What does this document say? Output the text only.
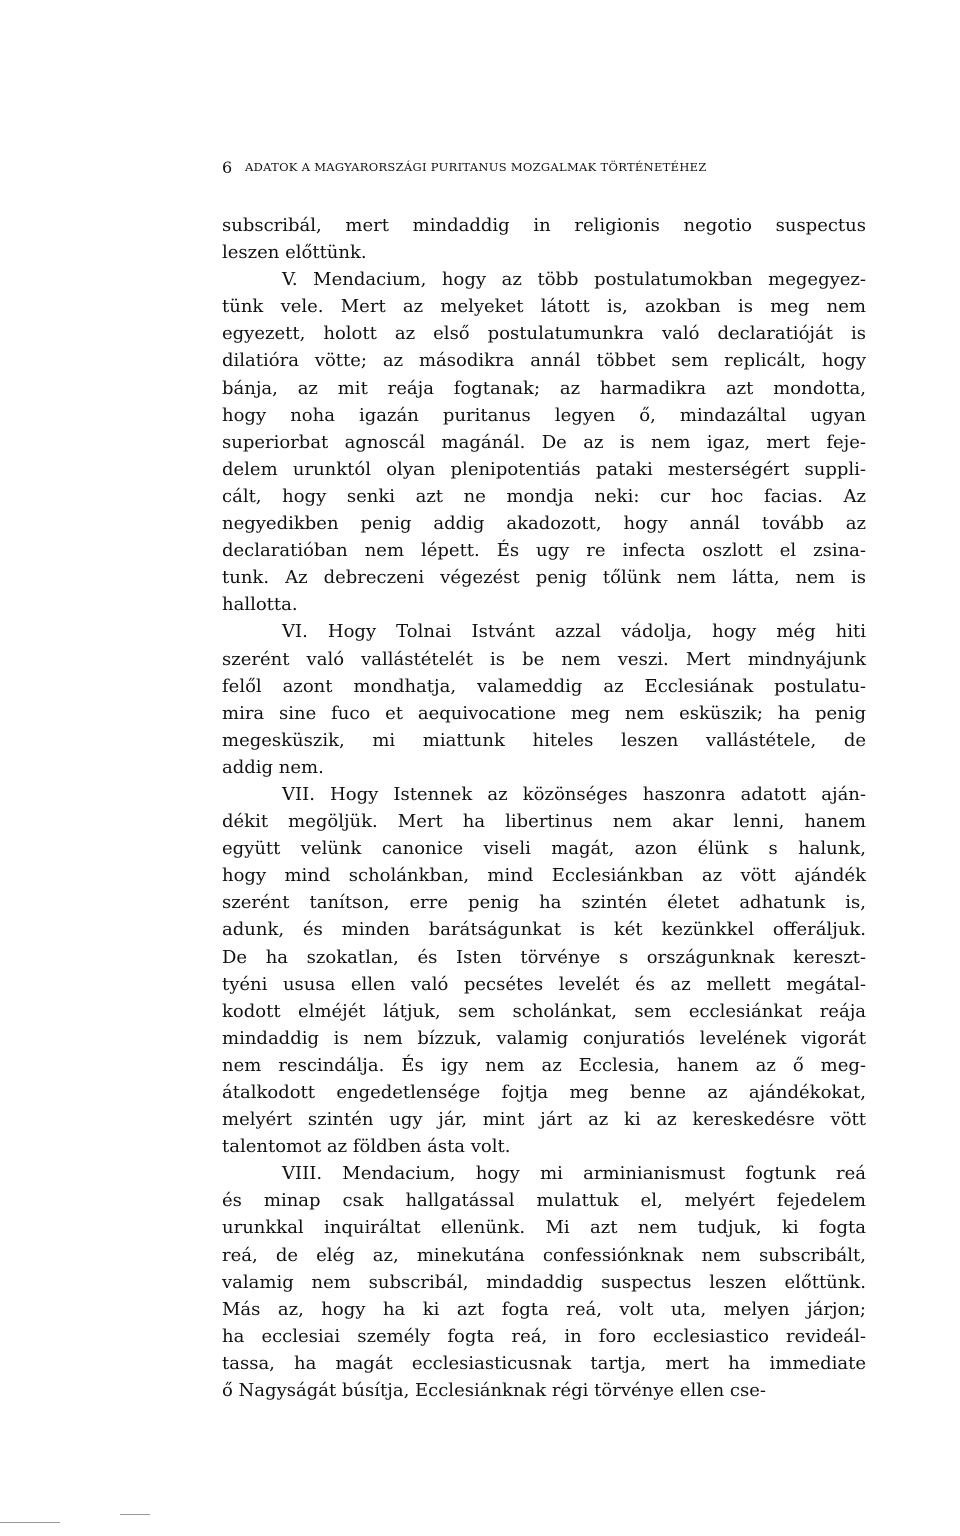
6 ADATOK A MAGYARORSZÁGI PURITANUS MOZGALMAK TÖRTÉNETÉHEZ
subscribál, mert mindaddig in religionis negotio suspectus
leszen előttünk.
V. Mendacium, hogy az több postulatumokban megegyez-
tünk vele. Mert az melyeket látott is, azokban is meg nem
egyezett, holott az első postulatumunkra való declaratióját is
dilatióra vötte; az másodikra annál többet sem replicált, hogy
bánja, az mit reája fogtanak; az harmadikra azt mondotta,
hogy noha igazán puritanus legyen ő, mindazáltal ugyan
superiorbat agnoscál magánál. De az is nem igaz, mert feje-
delem urunktól olyan plenipotentiás pataki mesterségért suppli-
cált, hogy senki azt ne mondja neki: cur hoc facias. Az
negyedikben penig addig akadozott, hogy annál tovább az
declaratióban nem lépett. És ugy re infecta oszlott el zsina-
tunk. Az debreczeni végezést penig tőlünk nem látta, nem is
hallotta.
VI. Hogy Tolnai Istvánt azzal vádolja, hogy még hiti
szerént való vallástételét is be nem veszi. Mert mindnyájunk
felől azont mondhatja, valameddig az Ecclesiának postulatu-
mira sine fuco et aequivocatione meg nem esküszik; ha penig
megesküszik, mi miattunk hiteles leszen vallástétele, de
addig nem.
VII. Hogy Istennek az közönséges haszonra adatott aján-
dékit megöljük. Mert ha libertinus nem akar lenni, hanem
együtt velünk canonice viseli magát, azon élünk s halunk,
hogy mind scholánkban, mind Ecclesiánkban az vött ajándék
szerént tanítson, erre penig ha szintén életet adhatunk is,
adunk, és minden barátságunkat is két kezünkkel offeráljuk.
De ha szokatlan, és Isten törvénye s országunknak kereszt-
tyéni ususa ellen való pecsétes levelét és az mellett megátal-
kodott elméjét látjuk, sem scholánkat, sem ecclesiánkat reája
mindaddig is nem bízzuk, valamig conjuratiós levelének vigorát
nem rescindálja. És igy nem az Ecclesia, hanem az ő meg-
átalkodott engedetlensége fojtja meg benne az ajándékokat,
melyért szintén ugy jár, mint járt az ki az kereskedésre vött
talentomot az földben ásta volt.
VIII. Mendacium, hogy mi arminianismust fogtunk reá
és minap csak hallgatással mulattuk el, melyért fejedelem
urunkkal inquiráltat ellenünk. Mi azt nem tudjuk, ki fogta
reá, de elég az, minekutána confessiónknak nem subscribált,
valamig nem subscribál, mindaddig suspectus leszen előttünk.
Más az, hogy ha ki azt fogta reá, volt uta, melyen járjon;
ha ecclesiai személy fogta reá, in foro ecclesiastico revideál-
tassa, ha magát ecclesiasticusnak tartja, mert ha immediate
ő Nagyságát búsítja, Ecclesiánknak régi törvénye ellen cse-
